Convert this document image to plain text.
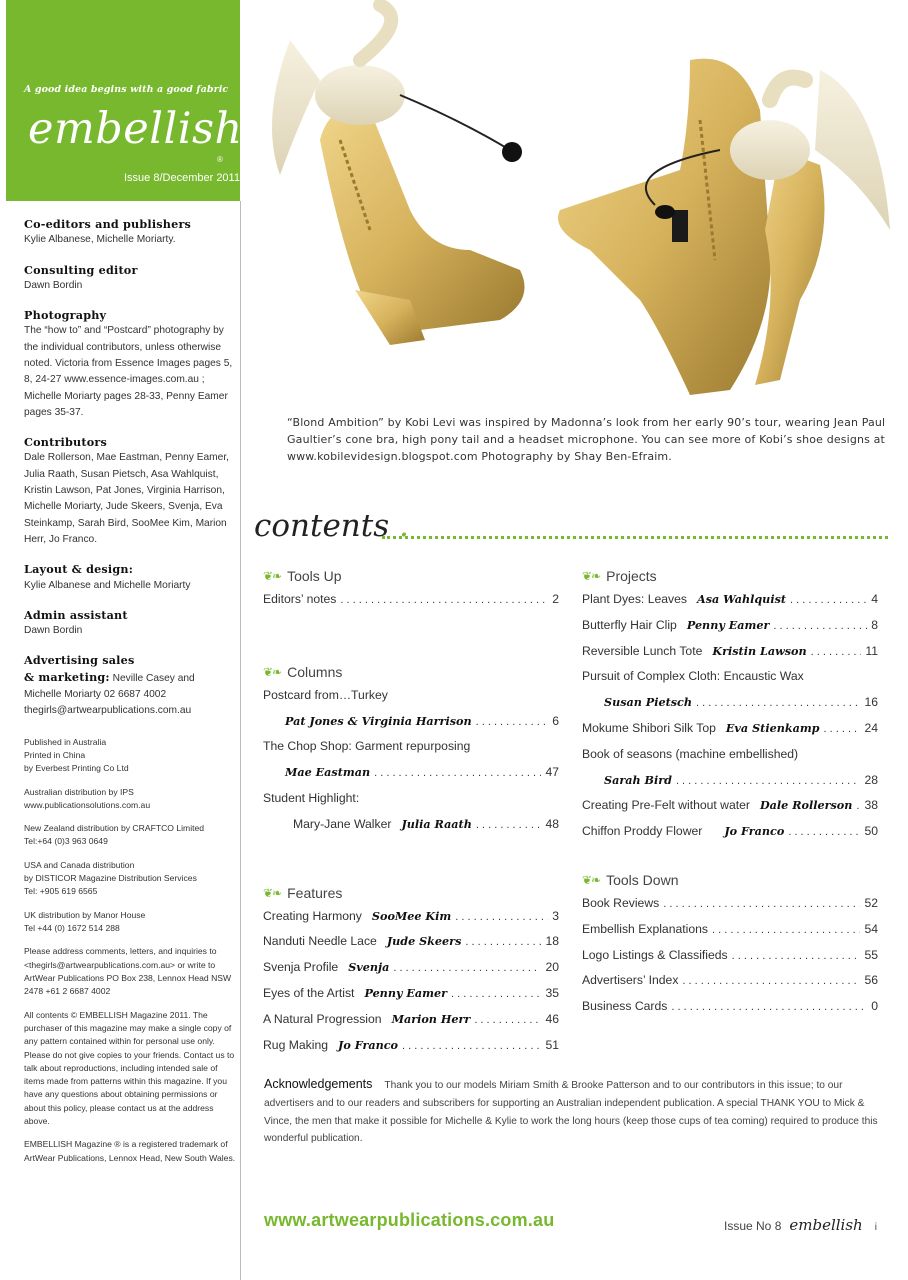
A good idea begins with a good fabric
embellish
®
Issue 8/December 2011
Co-editors and publishers
Kylie Albanese, Michelle Moriarty.
Consulting editor
Dawn Bordin
Photography
The “how to” and “Postcard” photography by the individual contributors, unless otherwise noted. Victoria from Essence Images pages 5, 8, 24-27 www.essence-images.com.au ; Michelle Moriarty pages 28-33, Penny Eamer pages 35-37.
Contributors
Dale Rollerson, Mae Eastman, Penny Eamer, Julia Raath, Susan Pietsch, Asa Wahlquist, Kristin Lawson, Pat Jones, Virginia Harrison, Michelle Moriarty, Jude Skeers, Svenja, Eva Steinkamp, Sarah Bird, SooMee Kim, Marion Herr, Jo Franco.
Layout & design:
Kylie Albanese and Michelle Moriarty
Admin assistant
Dawn Bordin
Advertising sales
& marketing: Neville Casey and
Michelle Moriarty 02 6687 4002
thegirls@artwearpublications.com.au
Published in Australia
Printed in China
by Everbest Printing Co Ltd
Australian distribution by IPS
www.publicationsolutions.com.au
New Zealand distribution by CRAFTCO Limited
Tel:+64 (0)3 963 0649
USA and Canada distribution
by DISTICOR Magazine Distribution Services
Tel: +905 619 6565
UK distribution by Manor House
Tel +44 (0) 1672 514 288
Please address comments, letters, and inquiries to <thegirls@artwearpublications.com.au> or write to ArtWear Publications PO Box 238, Lennox Head NSW 2478 +61 2 6687 4002
All contents © EMBELLISH Magazine 2011. The purchaser of this magazine may make a single copy of any pattern contained within for personal use only. Please do not give copies to your friends. Contact us to talk about reproductions, including intended sale of items made from patterns within this magazine. If you have any questions about obtaining permissions or about this policy, please contact us at the address above.
EMBELLISH Magazine ® is a registered trademark of ArtWear Publications, Lennox Head, New South Wales.
“Blond Ambition” by Kobi Levi was inspired by Madonna’s look from her early 90’s tour, wearing Jean Paul Gaultier’s cone bra, high pony tail and a headset microphone. You can see more of Kobi’s shoe designs at www.kobilevidesign.blogspot.com Photography by Shay Ben-Efraim.
contents .
❦❧ Tools Up
Editors’ notes . . .	2
❦❧ Columns
Postcard from…Turkey
Pat Jones & Virginia Harrison . . .	6
The Chop Shop: Garment repurposing
Mae Eastman . . .	47
Student Highlight:
Mary-Jane Walker Julia Raath . . .	48
❦❧ Features
Creating Harmony SooMee Kim . . .	3
Nanduti Needle Lace Jude Skeers . . .	18
Svenja Profile Svenja . . .	20
Eyes of the Artist Penny Eamer . . .	35
A Natural Progression Marion Herr . . .	46
Rug Making Jo Franco . . .	51
❦❧ Projects
Plant Dyes: Leaves Asa Wahlquist . . .	4
Butterfly Hair Clip Penny Eamer . . .	8
Reversible Lunch Tote Kristin Lawson . . .	11
Pursuit of Complex Cloth: Encaustic Wax
Susan Pietsch . . .	16
Mokume Shibori Silk Top Eva Stienkamp . . .	24
Book of seasons (machine embellished)
Sarah Bird . . .	28
Creating Pre-Felt without water Dale Rollerson . . . 38
Chiffon Proddy Flower Jo Franco . . .	50
❦❧ Tools Down
Book Reviews . . .	52
Embellish Explanations . . .	54
Logo Listings & Classifieds . . .	55
Advertisers’ Index . . .	56
Business Cards . . .	0
Acknowledgements Thank you to our models Miriam Smith & Brooke Patterson and to our contributors in this issue; to our advertisers and to our readers and subscribers for supporting an Australian independent publication. A special THANK YOU to Mick & Vince, the men that make it possible for Michelle & Kylie to work the long hours (keep those cups of tea coming) required to produce this wonderful publication.
www.artwearpublications.com.au	Issue No 8 embellish i
